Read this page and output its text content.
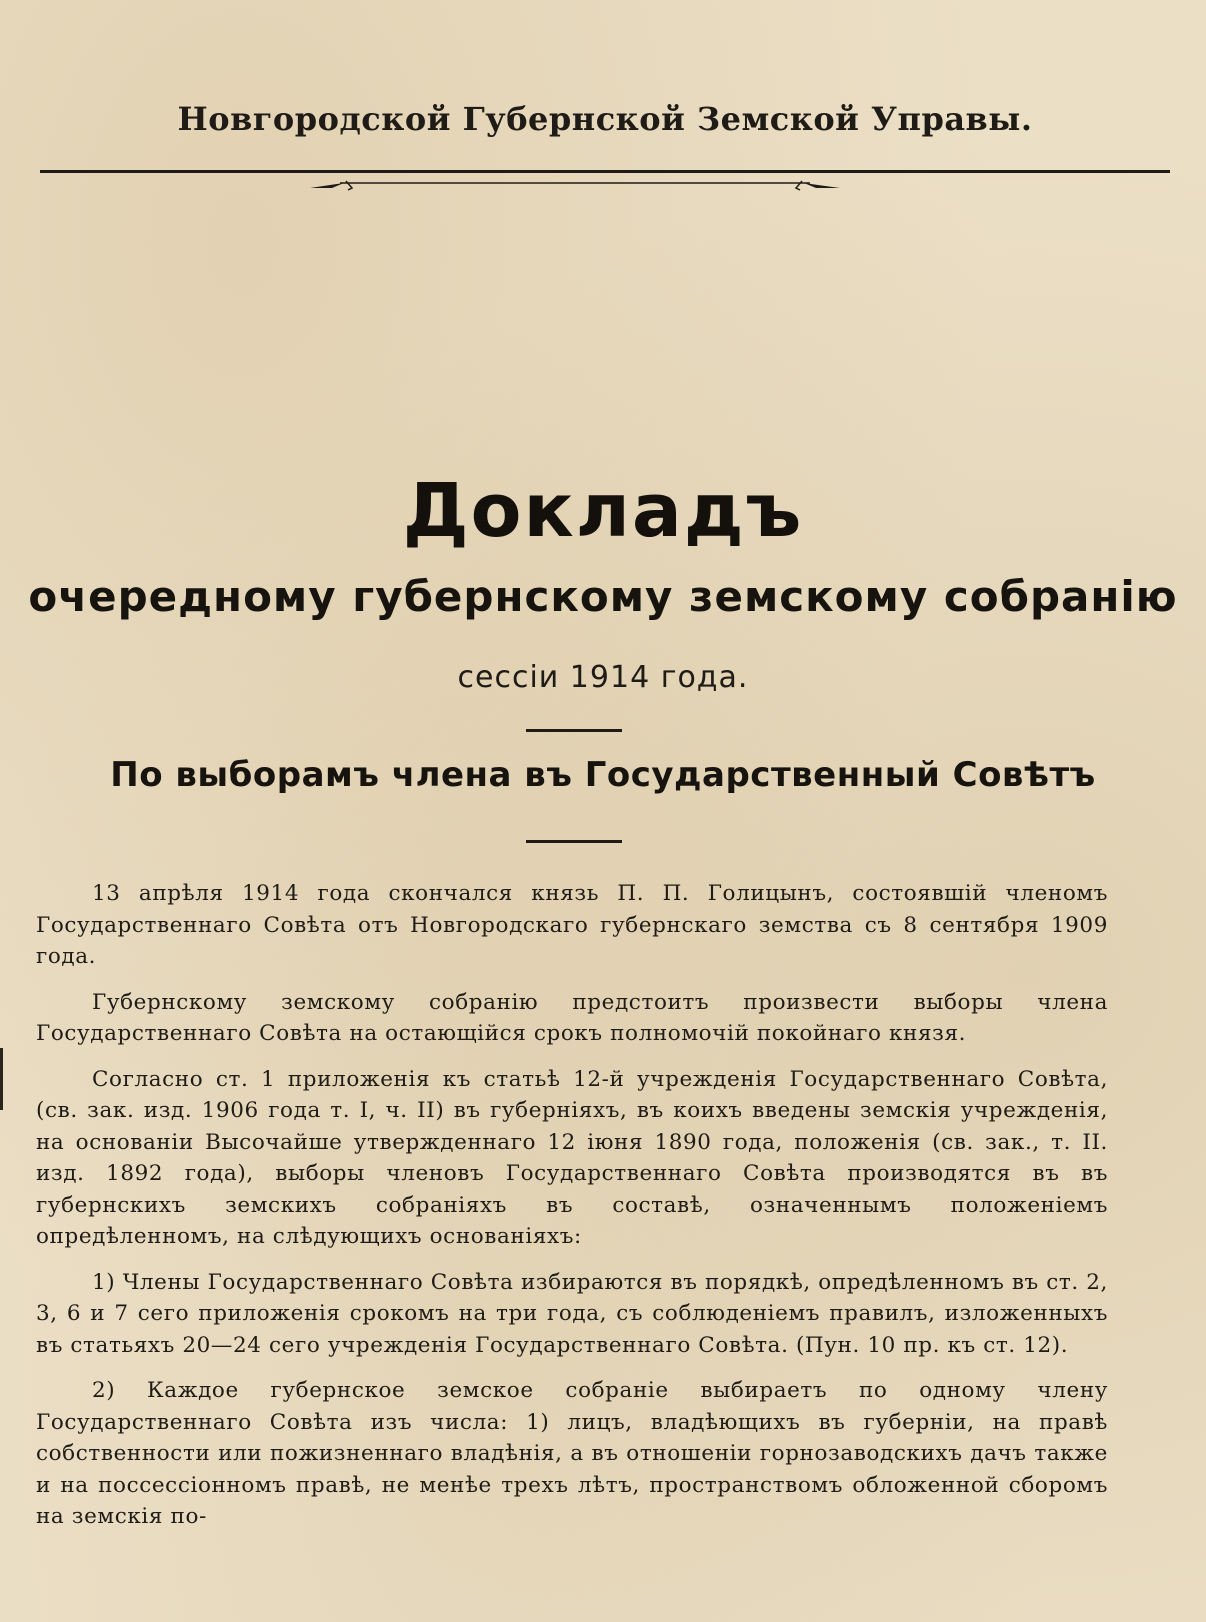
Новгородской Губернской Земской Управы.
Докладъ
очередному губернскому земскому собранію
сессіи 1914 года.
По выборамъ члена въ Государственный Совѣтъ

13 апрѣля 1914 года скончался князь П. П. Голицынъ, состоявшій членомъ Государственнаго Совѣта отъ Новгородскаго губернскаго земства съ 8 сентября 1909 года.

Губернскому земскому собранію предстоитъ произвести выборы члена Государственнаго Совѣта на остающійся срокъ полномочій покойнаго князя.

Согласно ст. 1 приложенія къ статьѣ 12-й учрежденія Государственнаго Совѣта, (св. зак. изд. 1906 года т. I, ч. II) въ губерніяхъ, въ коихъ введены земскія учрежденія, на основаніи Высочайше утвержденнаго 12 іюня 1890 года, положенія (св. зак., т. II. изд. 1892 года), выборы членовъ Государственнаго Совѣта производятся въ въ губернскихъ земскихъ собраніяхъ въ составѣ, означеннымъ положеніемъ опредѣленномъ, на слѣдующихъ основаніяхъ:

1) Члены Государственнаго Совѣта избираются въ порядкѣ, опредѣленномъ въ ст. 2, 3, 6 и 7 сего приложенія срокомъ на три года, съ соблюденіемъ правилъ, изложенныхъ въ статьяхъ 20—24 сего учрежденія Государственнаго Совѣта. (Пун. 10 пр. къ ст. 12).

2) Каждое губернское земское собраніе выбираетъ по одному члену Государственнаго Совѣта изъ числа: 1) лицъ, владѣющихъ въ губерніи, на правѣ собственности или пожизненнаго владѣнія, а въ отношеніи горнозаводскихъ дачъ также и на поссессіонномъ правѣ, не менѣе трехъ лѣтъ, пространствомъ обложенной сборомъ на земскія по-
